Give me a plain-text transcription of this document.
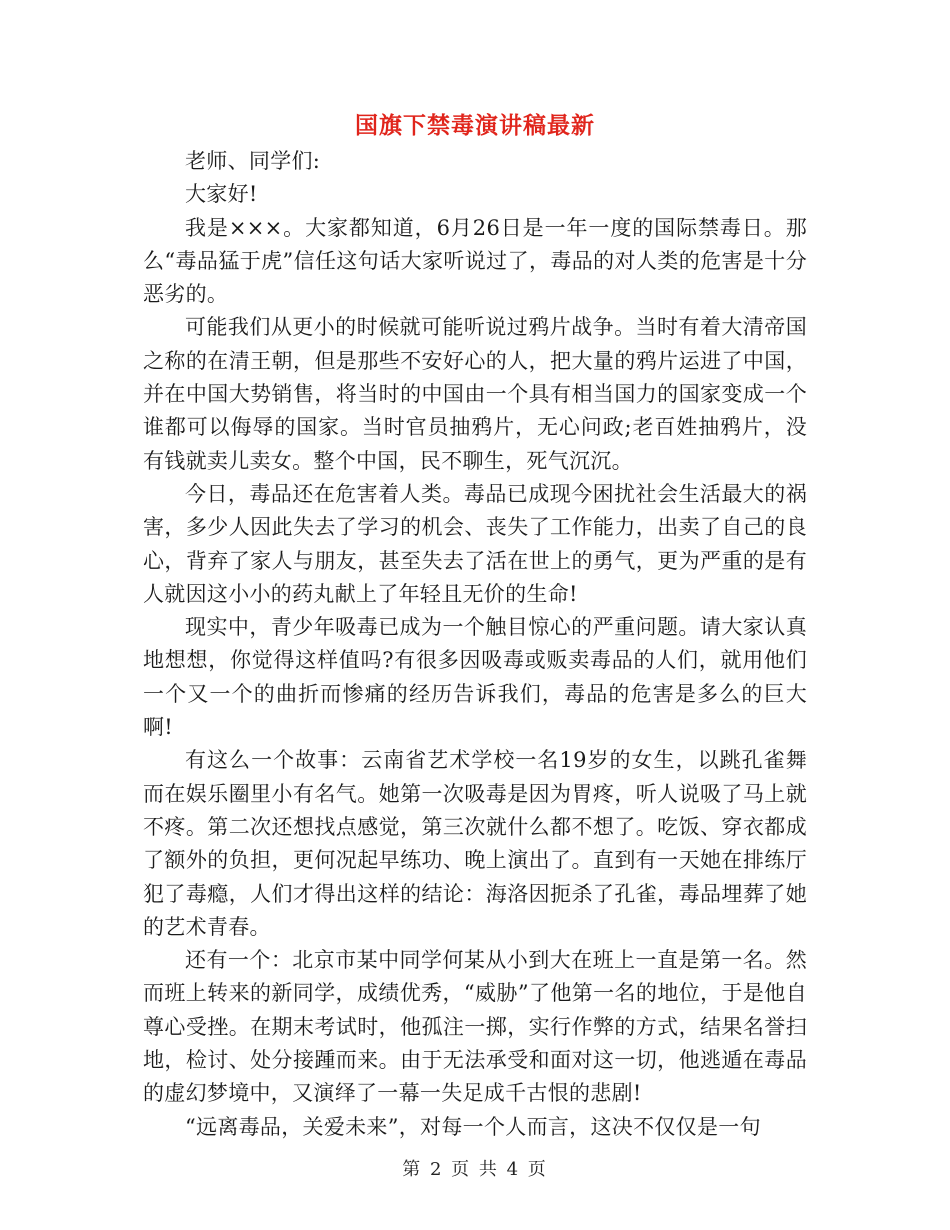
国旗下禁毒演讲稿最新

老师、同学们:

大家好!

我是×××。大家都知道，6月26日是一年一度的国际禁毒日。那么“毒品猛于虎”信任这句话大家听说过了，毒品的对人类的危害是十分恶劣的。

可能我们从更小的时候就可能听说过鸦片战争。当时有着大清帝国之称的在清王朝，但是那些不安好心的人，把大量的鸦片运进了中国，并在中国大势销售，将当时的中国由一个具有相当国力的国家变成一个谁都可以侮辱的国家。当时官员抽鸦片，无心问政;老百姓抽鸦片，没有钱就卖儿卖女。整个中国，民不聊生，死气沉沉。

今日，毒品还在危害着人类。毒品已成现今困扰社会生活最大的祸害，多少人因此失去了学习的机会、丧失了工作能力，出卖了自己的良心，背弃了家人与朋友，甚至失去了活在世上的勇气，更为严重的是有人就因这小小的药丸献上了年轻且无价的生命!

现实中，青少年吸毒已成为一个触目惊心的严重问题。请大家认真地想想，你觉得这样值吗?有很多因吸毒或贩卖毒品的人们，就用他们一个又一个的曲折而惨痛的经历告诉我们，毒品的危害是多么的巨大啊!

有这么一个故事：云南省艺术学校一名19岁的女生，以跳孔雀舞而在娱乐圈里小有名气。她第一次吸毒是因为胃疼，听人说吸了马上就不疼。第二次还想找点感觉，第三次就什么都不想了。吃饭、穿衣都成了额外的负担，更何况起早练功、晚上演出了。直到有一天她在排练厅犯了毒瘾，人们才得出这样的结论：海洛因扼杀了孔雀，毒品埋葬了她的艺术青春。

还有一个：北京市某中同学何某从小到大在班上一直是第一名。然而班上转来的新同学，成绩优秀，“威胁”了他第一名的地位，于是他自尊心受挫。在期末考试时，他孤注一掷，实行作弊的方式，结果名誉扫地，检讨、处分接踵而来。由于无法承受和面对这一切，他逃遁在毒品的虚幻梦境中，又演绎了一幕一失足成千古恨的悲剧!

“远离毒品，关爱未来”，对每一个人而言，这决不仅仅是一句

第 2 页 共 4 页
